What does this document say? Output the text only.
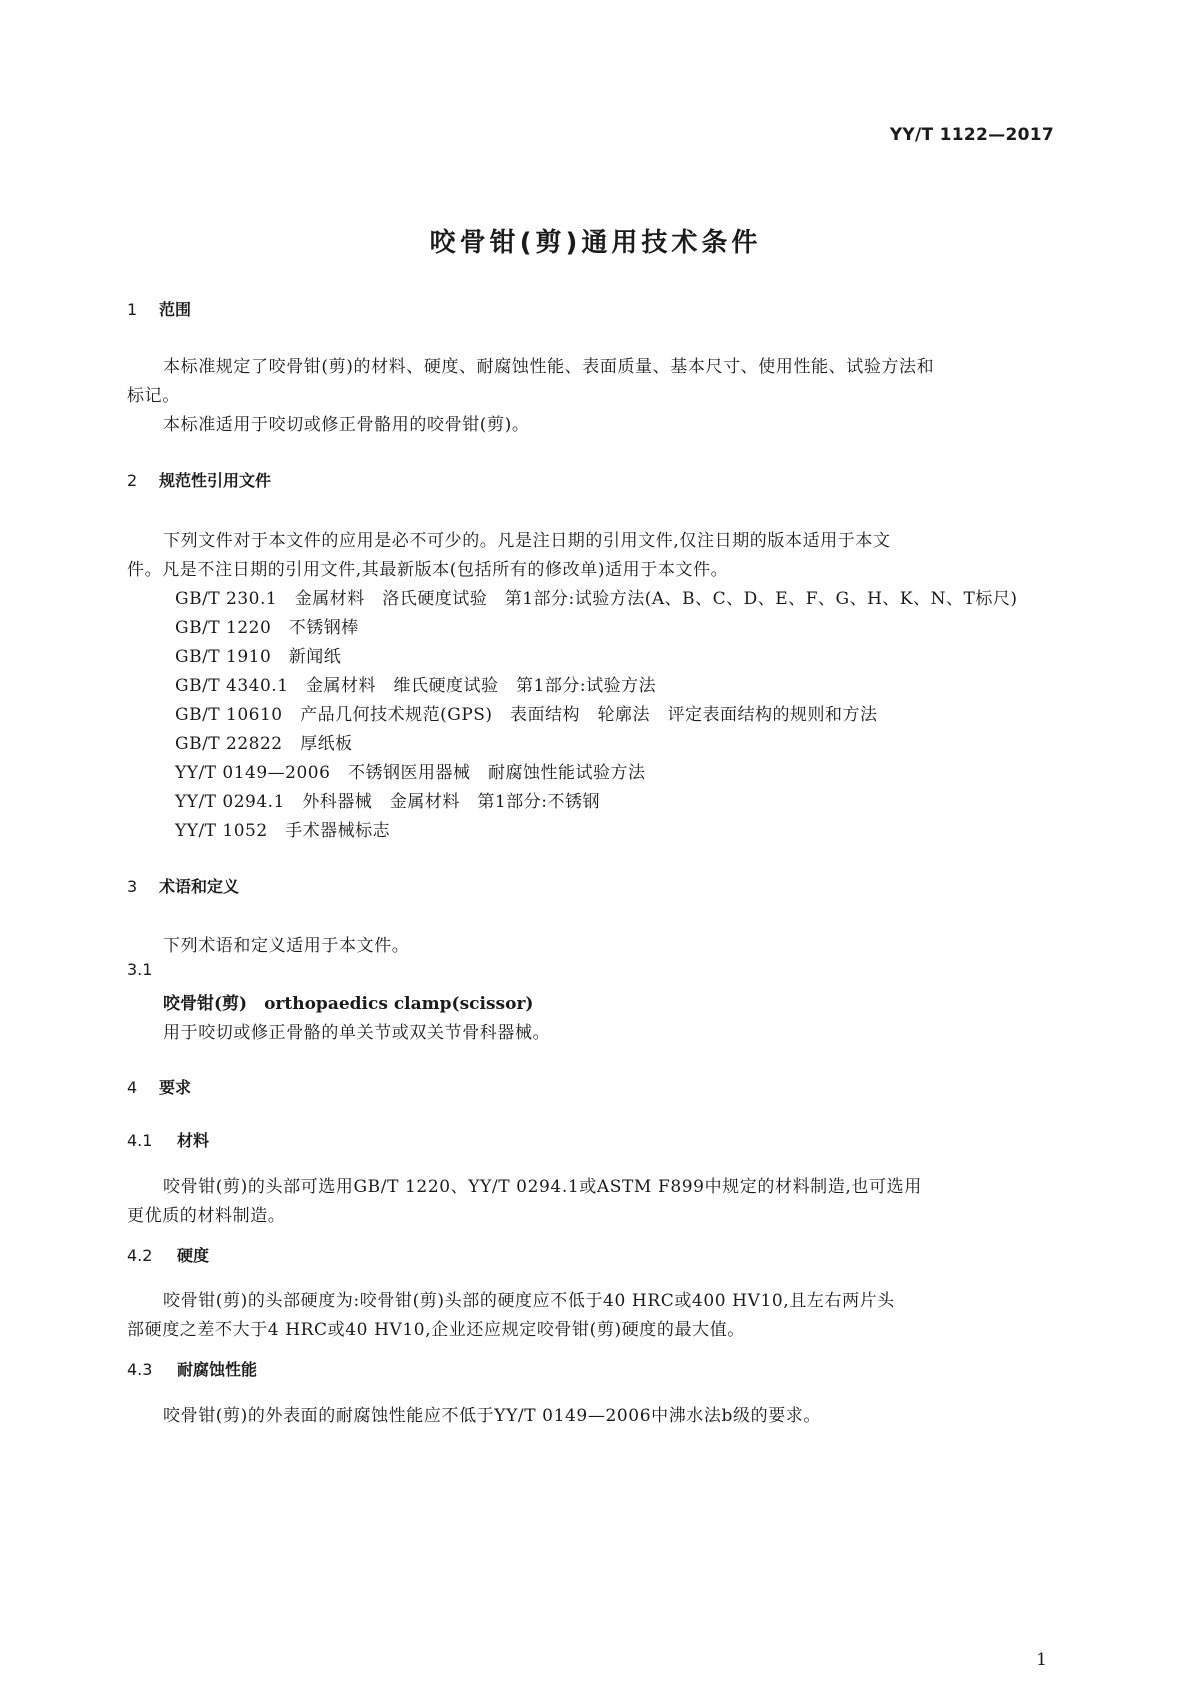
YY/T 1122—2017
咬骨钳(剪)通用技术条件
1 范围
本标准规定了咬骨钳(剪)的材料、硬度、耐腐蚀性能、表面质量、基本尺寸、使用性能、试验方法和
标记。
本标准适用于咬切或修正骨骼用的咬骨钳(剪)。
2 规范性引用文件
下列文件对于本文件的应用是必不可少的。凡是注日期的引用文件,仅注日期的版本适用于本文
件。凡是不注日期的引用文件,其最新版本(包括所有的修改单)适用于本文件。
GB/T 230.1　金属材料　洛氏硬度试验　第1部分:试验方法(A、B、C、D、E、F、G、H、K、N、T标尺)
GB/T 1220　不锈钢棒
GB/T 1910　新闻纸
GB/T 4340.1　金属材料　维氏硬度试验　第1部分:试验方法
GB/T 10610　产品几何技术规范(GPS)　表面结构　轮廓法　评定表面结构的规则和方法
GB/T 22822　厚纸板
YY/T 0149—2006　不锈钢医用器械　耐腐蚀性能试验方法
YY/T 0294.1　外科器械　金属材料　第1部分:不锈钢
YY/T 1052　手术器械标志
3 术语和定义
下列术语和定义适用于本文件。
3.1
咬骨钳(剪)　orthopaedics clamp(scissor)
用于咬切或修正骨骼的单关节或双关节骨科器械。
4 要求
4.1 材料
咬骨钳(剪)的头部可选用GB/T 1220、YY/T 0294.1或ASTM F899中规定的材料制造,也可选用
更优质的材料制造。
4.2 硬度
咬骨钳(剪)的头部硬度为:咬骨钳(剪)头部的硬度应不低于40 HRC或400 HV10,且左右两片头
部硬度之差不大于4 HRC或40 HV10,企业还应规定咬骨钳(剪)硬度的最大值。
4.3 耐腐蚀性能
咬骨钳(剪)的外表面的耐腐蚀性能应不低于YY/T 0149—2006中沸水法b级的要求。
1
